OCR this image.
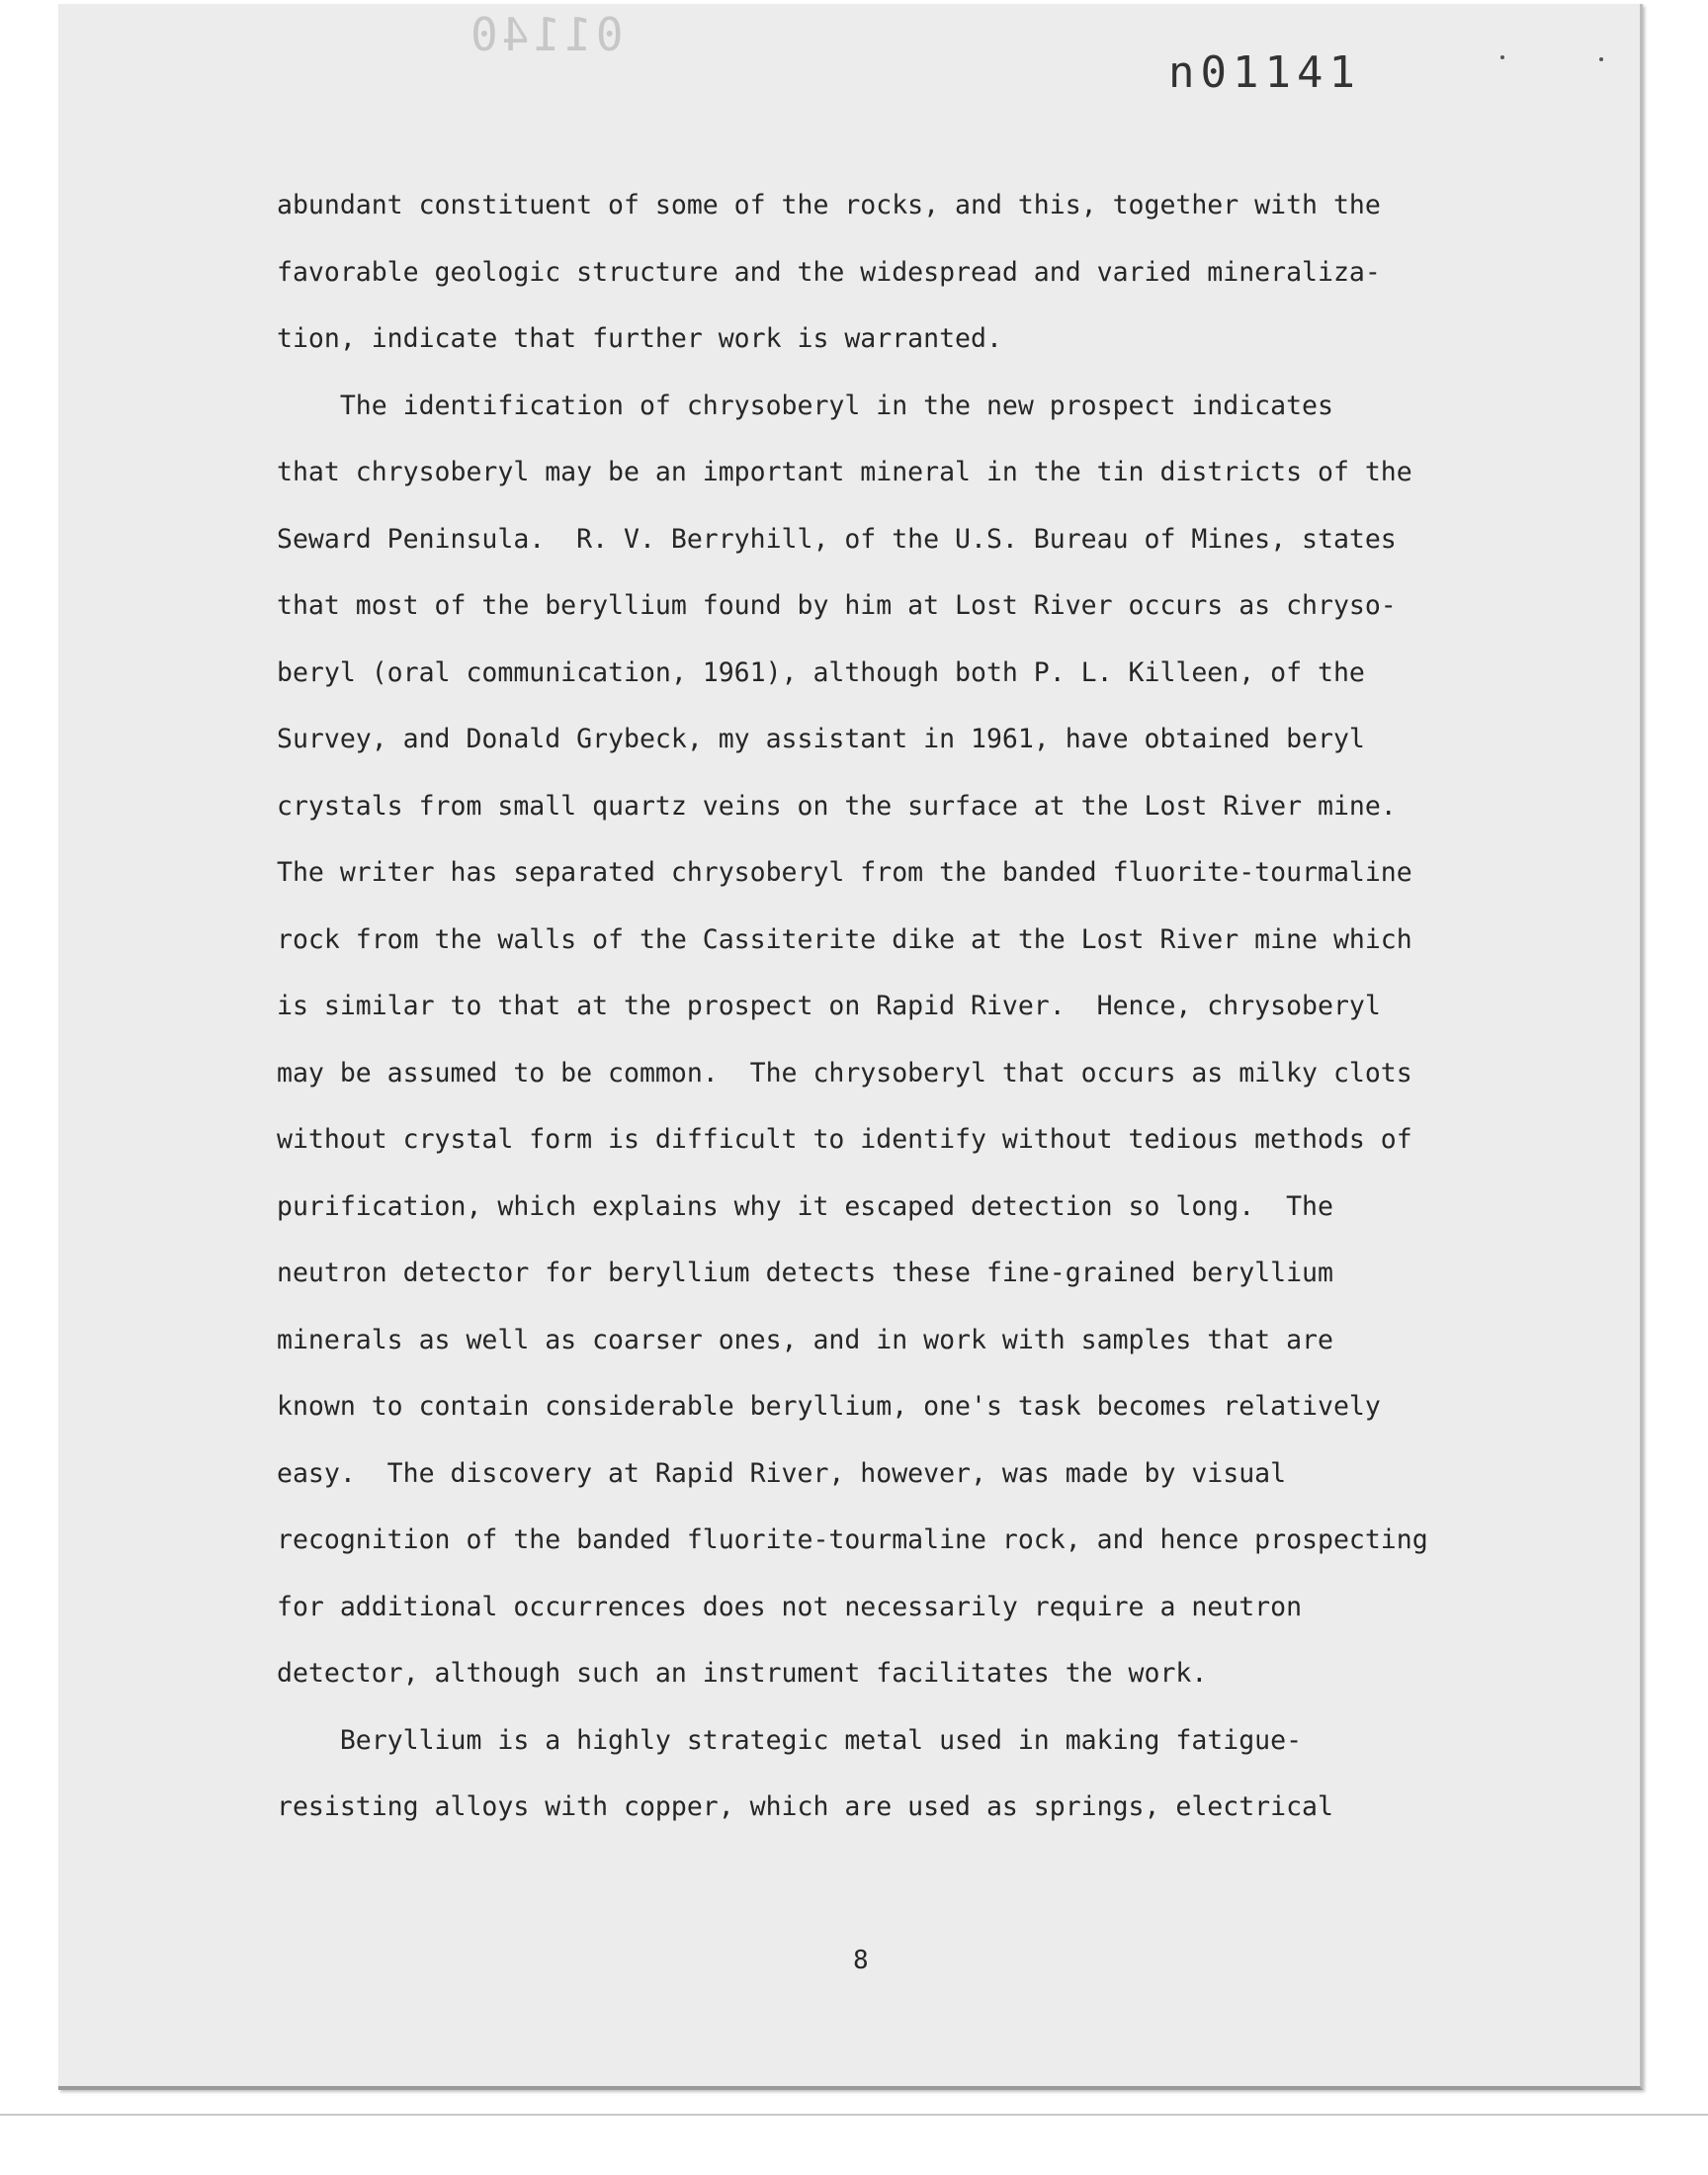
01140
n01141
abundant constituent of some of the rocks, and this, together with the
favorable geologic structure and the widespread and varied mineraliza-
tion, indicate that further work is warranted.
The identification of chrysoberyl in the new prospect indicates
that chrysoberyl may be an important mineral in the tin districts of the
Seward Peninsula.  R. V. Berryhill, of the U.S. Bureau of Mines, states
that most of the beryllium found by him at Lost River occurs as chryso-
beryl (oral communication, 1961), although both P. L. Killeen, of the
Survey, and Donald Grybeck, my assistant in 1961, have obtained beryl
crystals from small quartz veins on the surface at the Lost River mine.
The writer has separated chrysoberyl from the banded fluorite-tourmaline
rock from the walls of the Cassiterite dike at the Lost River mine which
is similar to that at the prospect on Rapid River.  Hence, chrysoberyl
may be assumed to be common.  The chrysoberyl that occurs as milky clots
without crystal form is difficult to identify without tedious methods of
purification, which explains why it escaped detection so long.  The
neutron detector for beryllium detects these fine-grained beryllium
minerals as well as coarser ones, and in work with samples that are
known to contain considerable beryllium, one's task becomes relatively
easy.  The discovery at Rapid River, however, was made by visual
recognition of the banded fluorite-tourmaline rock, and hence prospecting
for additional occurrences does not necessarily require a neutron
detector, although such an instrument facilitates the work.
Beryllium is a highly strategic metal used in making fatigue-
resisting alloys with copper, which are used as springs, electrical
8
